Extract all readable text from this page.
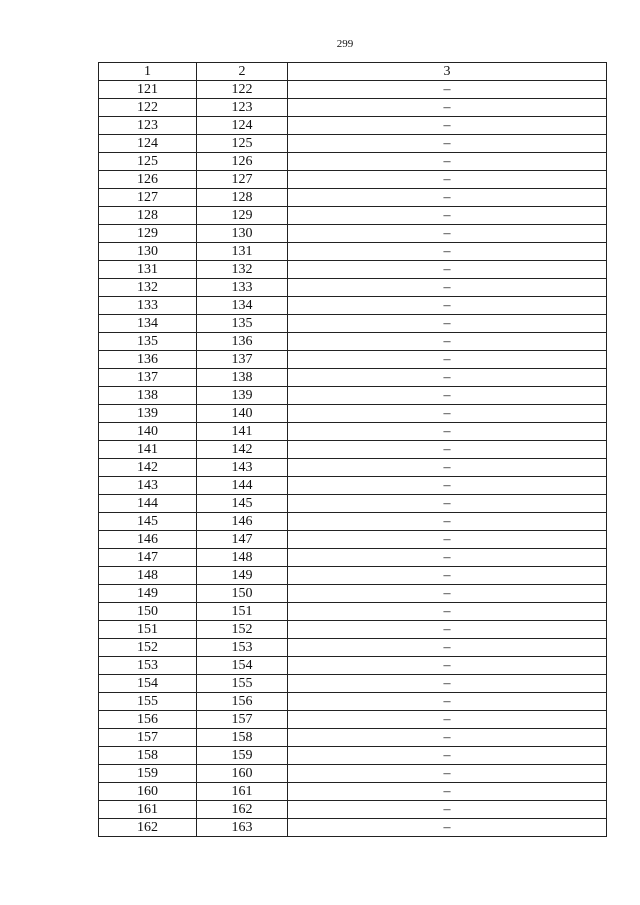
299
1	2	3
121	122	–
122	123	–
123	124	–
124	125	–
125	126	–
126	127	–
127	128	–
128	129	–
129	130	–
130	131	–
131	132	–
132	133	–
133	134	–
134	135	–
135	136	–
136	137	–
137	138	–
138	139	–
139	140	–
140	141	–
141	142	–
142	143	–
143	144	–
144	145	–
145	146	–
146	147	–
147	148	–
148	149	–
149	150	–
150	151	–
151	152	–
152	153	–
153	154	–
154	155	–
155	156	–
156	157	–
157	158	–
158	159	–
159	160	–
160	161	–
161	162	–
162	163	–
